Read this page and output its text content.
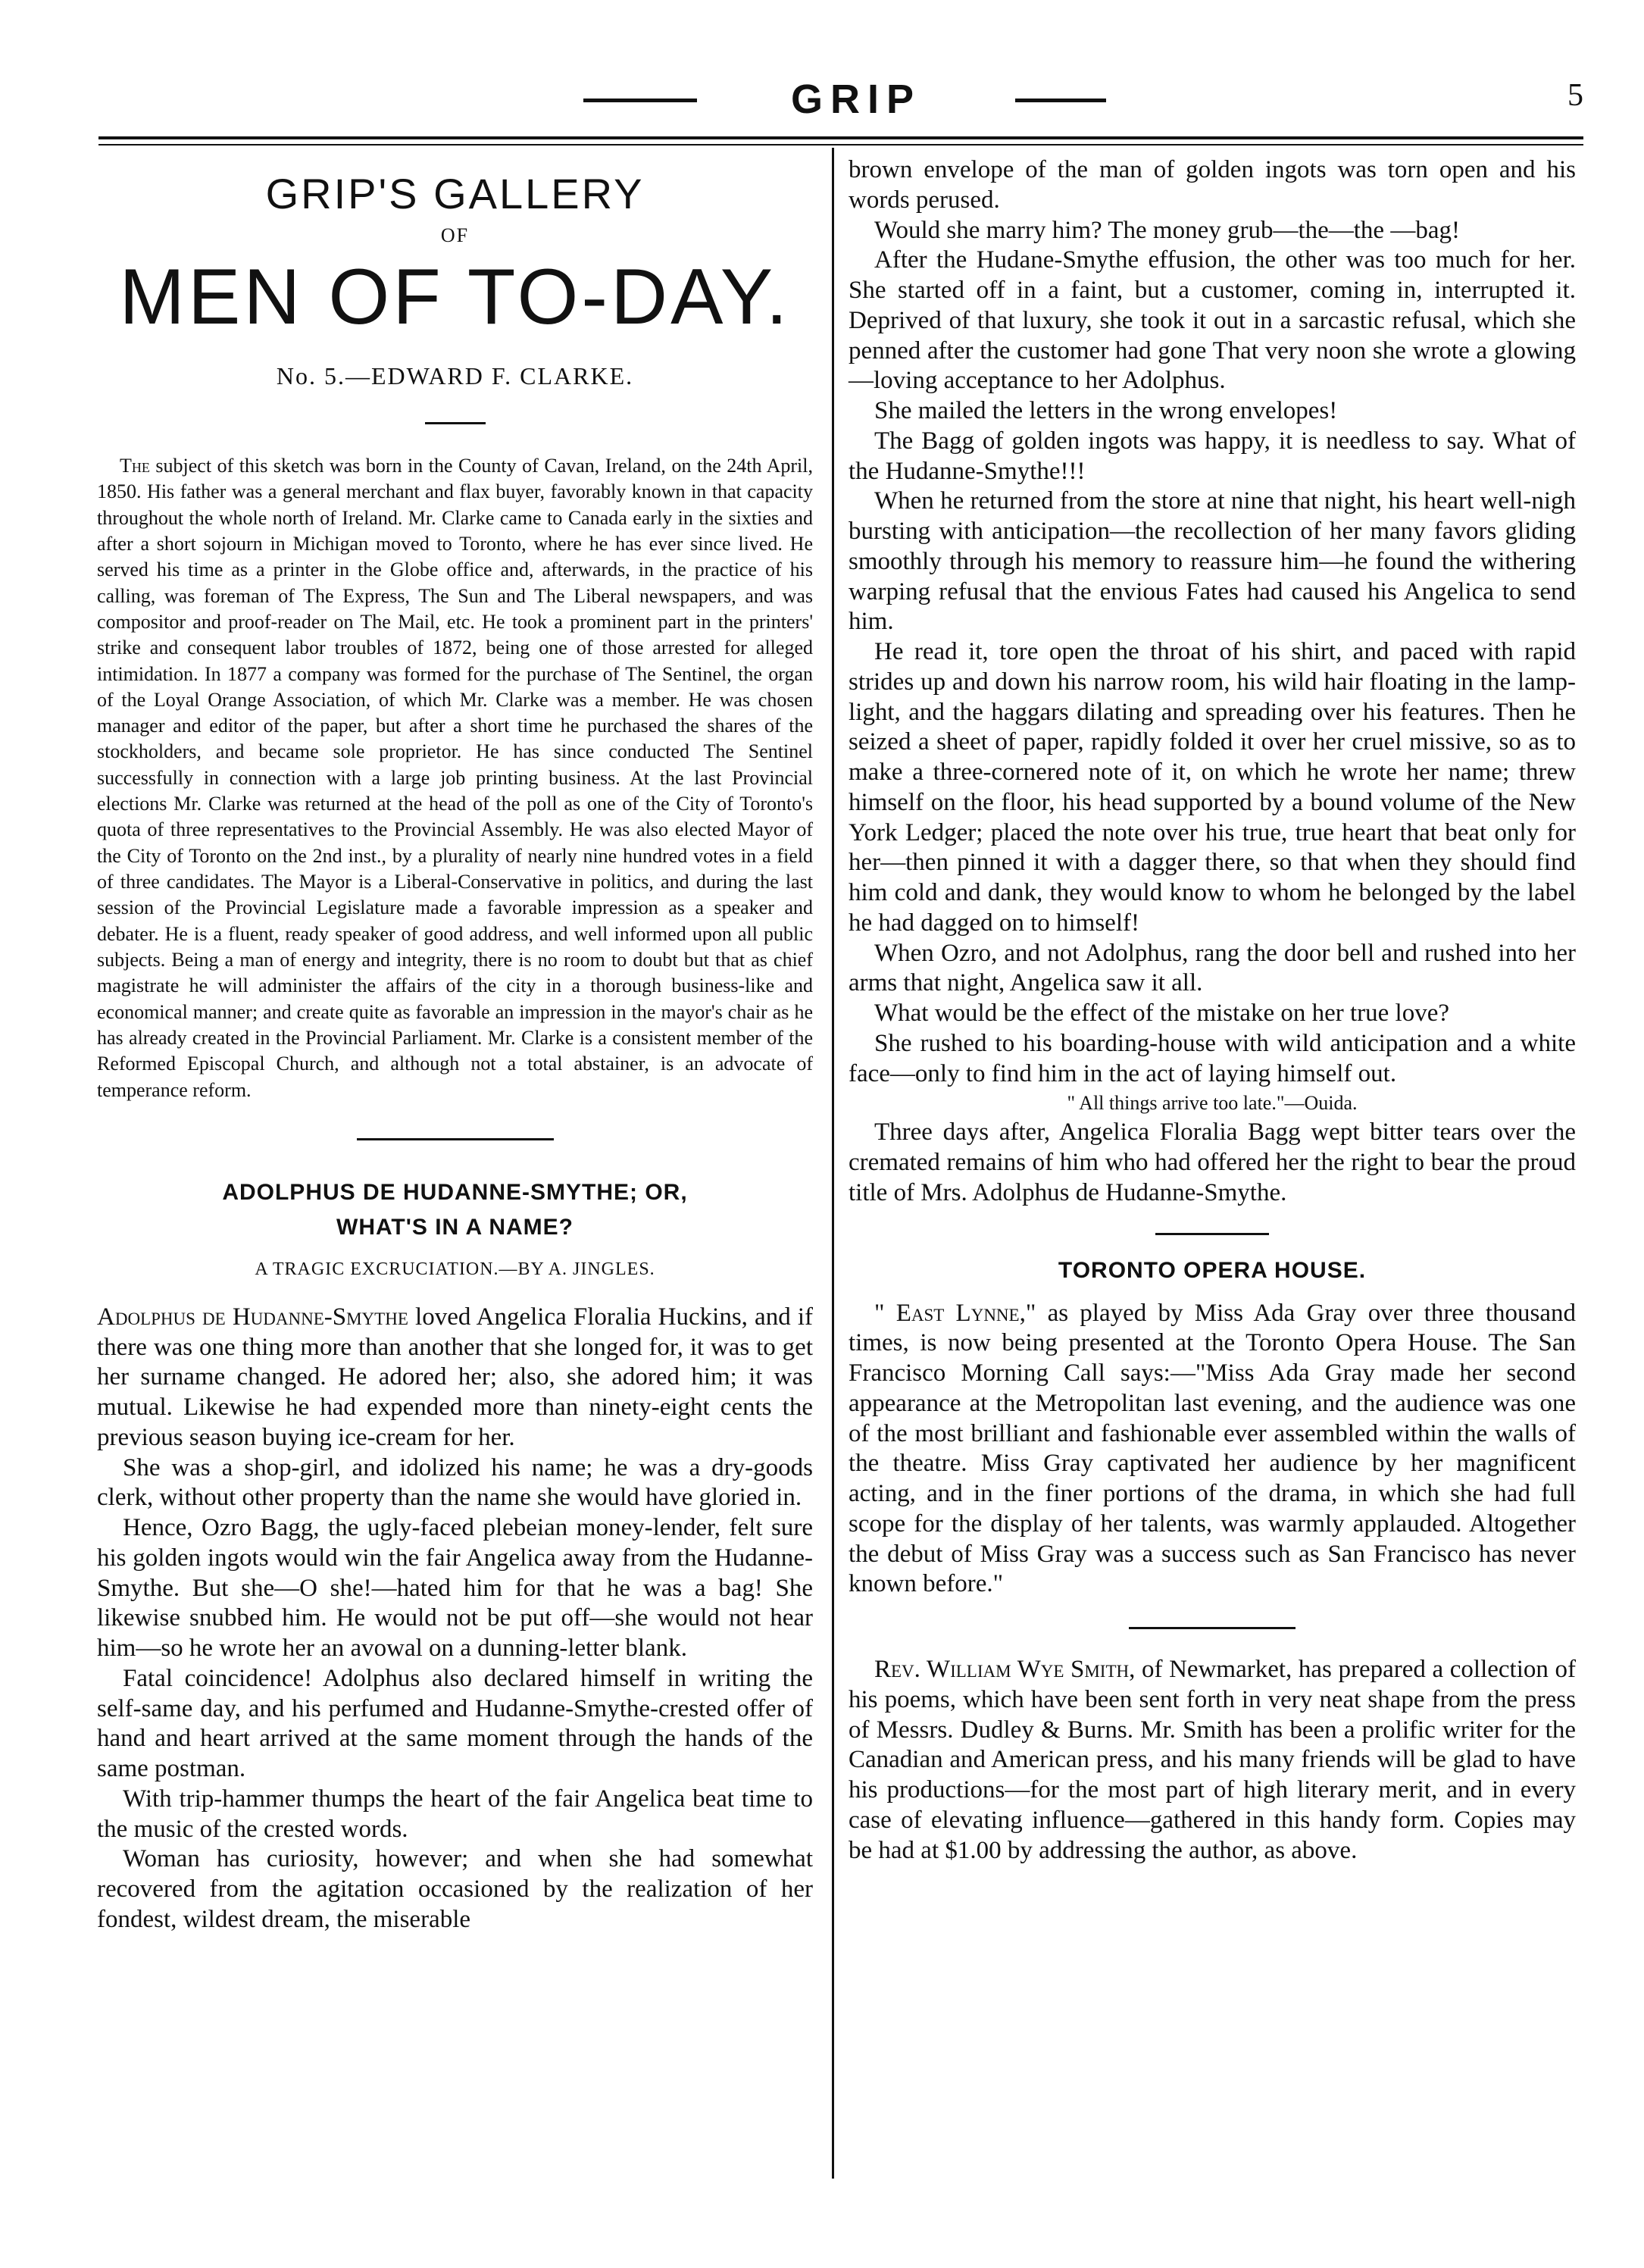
GRIP	5
GRIP'S GALLERY
OF
MEN OF TO-DAY.
No. 5.—EDWARD F. CLARKE.

The subject of this sketch was born in the County of Cavan, Ireland, on the 24th April, 1850. His father was a general merchant and flax buyer, favorably known in that capacity throughout the whole north of Ireland. Mr. Clarke came to Canada early in the sixties and after a short sojourn in Michigan moved to Toronto, where he has ever since lived. He served his time as a printer in the Globe office and, afterwards, in the practice of his calling, was foreman of The Express, The Sun and The Liberal newspapers, and was compositor and proof-reader on The Mail, etc. He took a prominent part in the printers' strike and consequent labor troubles of 1872, being one of those arrested for alleged intimidation. In 1877 a company was formed for the purchase of The Sentinel, the organ of the Loyal Orange Association, of which Mr. Clarke was a member. He was chosen manager and editor of the paper, but after a short time he purchased the shares of the stockholders, and became sole proprietor. He has since conducted The Sentinel successfully in connection with a large job printing business. At the last Provincial elections Mr. Clarke was returned at the head of the poll as one of the City of Toronto's quota of three representatives to the Provincial Assembly. He was also elected Mayor of the City of Toronto on the 2nd inst., by a plurality of nearly nine hundred votes in a field of three candidates. The Mayor is a Liberal-Conservative in politics, and during the last session of the Provincial Legislature made a favorable impression as a speaker and debater. He is a fluent, ready speaker of good address, and well informed upon all public subjects. Being a man of energy and integrity, there is no room to doubt but that as chief magistrate he will administer the affairs of the city in a thorough business-like and economical manner; and create quite as favorable an impression in the mayor's chair as he has already created in the Provincial Parliament. Mr. Clarke is a consistent member of the Reformed Episcopal Church, and although not a total abstainer, is an advocate of temperance reform.

ADOLPHUS DE HUDANNE-SMYTHE; OR,
WHAT'S IN A NAME?

A TRAGIC EXCRUCIATION.—BY A. JINGLES.

Adolphus de Hudanne-Smythe loved Angelica Floralia Huckins, and if there was one thing more than another that she longed for, it was to get her surname changed. He adored her; also, she adored him; it was mutual. Likewise he had expended more than ninety-eight cents the previous season buying ice-cream for her.

She was a shop-girl, and idolized his name; he was a dry-goods clerk, without other property than the name she would have gloried in.

Hence, Ozro Bagg, the ugly-faced plebeian money-lender, felt sure his golden ingots would win the fair Angelica away from the Hudanne-Smythe. But she—O she!—hated him for that he was a bag! She likewise snubbed him. He would not be put off—she would not hear him—so he wrote her an avowal on a dunning-letter blank.

Fatal coincidence! Adolphus also declared himself in writing the self-same day, and his perfumed and Hudanne-Smythe-crested offer of hand and heart arrived at the same moment through the hands of the same postman.

With trip-hammer thumps the heart of the fair Angelica beat time to the music of the crested words.

Woman has curiosity, however; and when she had somewhat recovered from the agitation occasioned by the realization of her fondest, wildest dream, the miserable

brown envelope of the man of golden ingots was torn open and his words perused.

Would she marry him? The money grub—the—the —bag!

After the Hudane-Smythe effusion, the other was too much for her. She started off in a faint, but a customer, coming in, interrupted it. Deprived of that luxury, she took it out in a sarcastic refusal, which she penned after the customer had gone That very noon she wrote a glowing—loving acceptance to her Adolphus.

She mailed the letters in the wrong envelopes!

The Bagg of golden ingots was happy, it is needless to say. What of the Hudanne-Smythe!!!

When he returned from the store at nine that night, his heart well-nigh bursting with anticipation—the recollection of her many favors gliding smoothly through his memory to reassure him—he found the withering warping refusal that the envious Fates had caused his Angelica to send him.

He read it, tore open the throat of his shirt, and paced with rapid strides up and down his narrow room, his wild hair floating in the lamp-light, and the haggars dilating and spreading over his features. Then he seized a sheet of paper, rapidly folded it over her cruel missive, so as to make a three-cornered note of it, on which he wrote her name; threw himself on the floor, his head supported by a bound volume of the New York Ledger; placed the note over his true, true heart that beat only for her—then pinned it with a dagger there, so that when they should find him cold and dank, they would know to whom he belonged by the label he had dagged on to himself!

When Ozro, and not Adolphus, rang the door bell and rushed into her arms that night, Angelica saw it all.

What would be the effect of the mistake on her true love?

She rushed to his boarding-house with wild anticipation and a white face—only to find him in the act of laying himself out.

" All things arrive too late."—Ouida.

Three days after, Angelica Floralia Bagg wept bitter tears over the cremated remains of him who had offered her the right to bear the proud title of Mrs. Adolphus de Hudanne-Smythe.

TORONTO OPERA HOUSE.

" East Lynne," as played by Miss Ada Gray over three thousand times, is now being presented at the Toronto Opera House. The San Francisco Morning Call says:—"Miss Ada Gray made her second appearance at the Metropolitan last evening, and the audience was one of the most brilliant and fashionable ever assembled within the walls of the theatre. Miss Gray captivated her audience by her magnificent acting, and in the finer portions of the drama, in which she had full scope for the display of her talents, was warmly applauded. Altogether the debut of Miss Gray was a success such as San Francisco has never known before."

Rev. William Wye Smith, of Newmarket, has prepared a collection of his poems, which have been sent forth in very neat shape from the press of Messrs. Dudley & Burns. Mr. Smith has been a prolific writer for the Canadian and American press, and his many friends will be glad to have his productions—for the most part of high literary merit, and in every case of elevating influence—gathered in this handy form. Copies may be had at $1.00 by addressing the author, as above.
